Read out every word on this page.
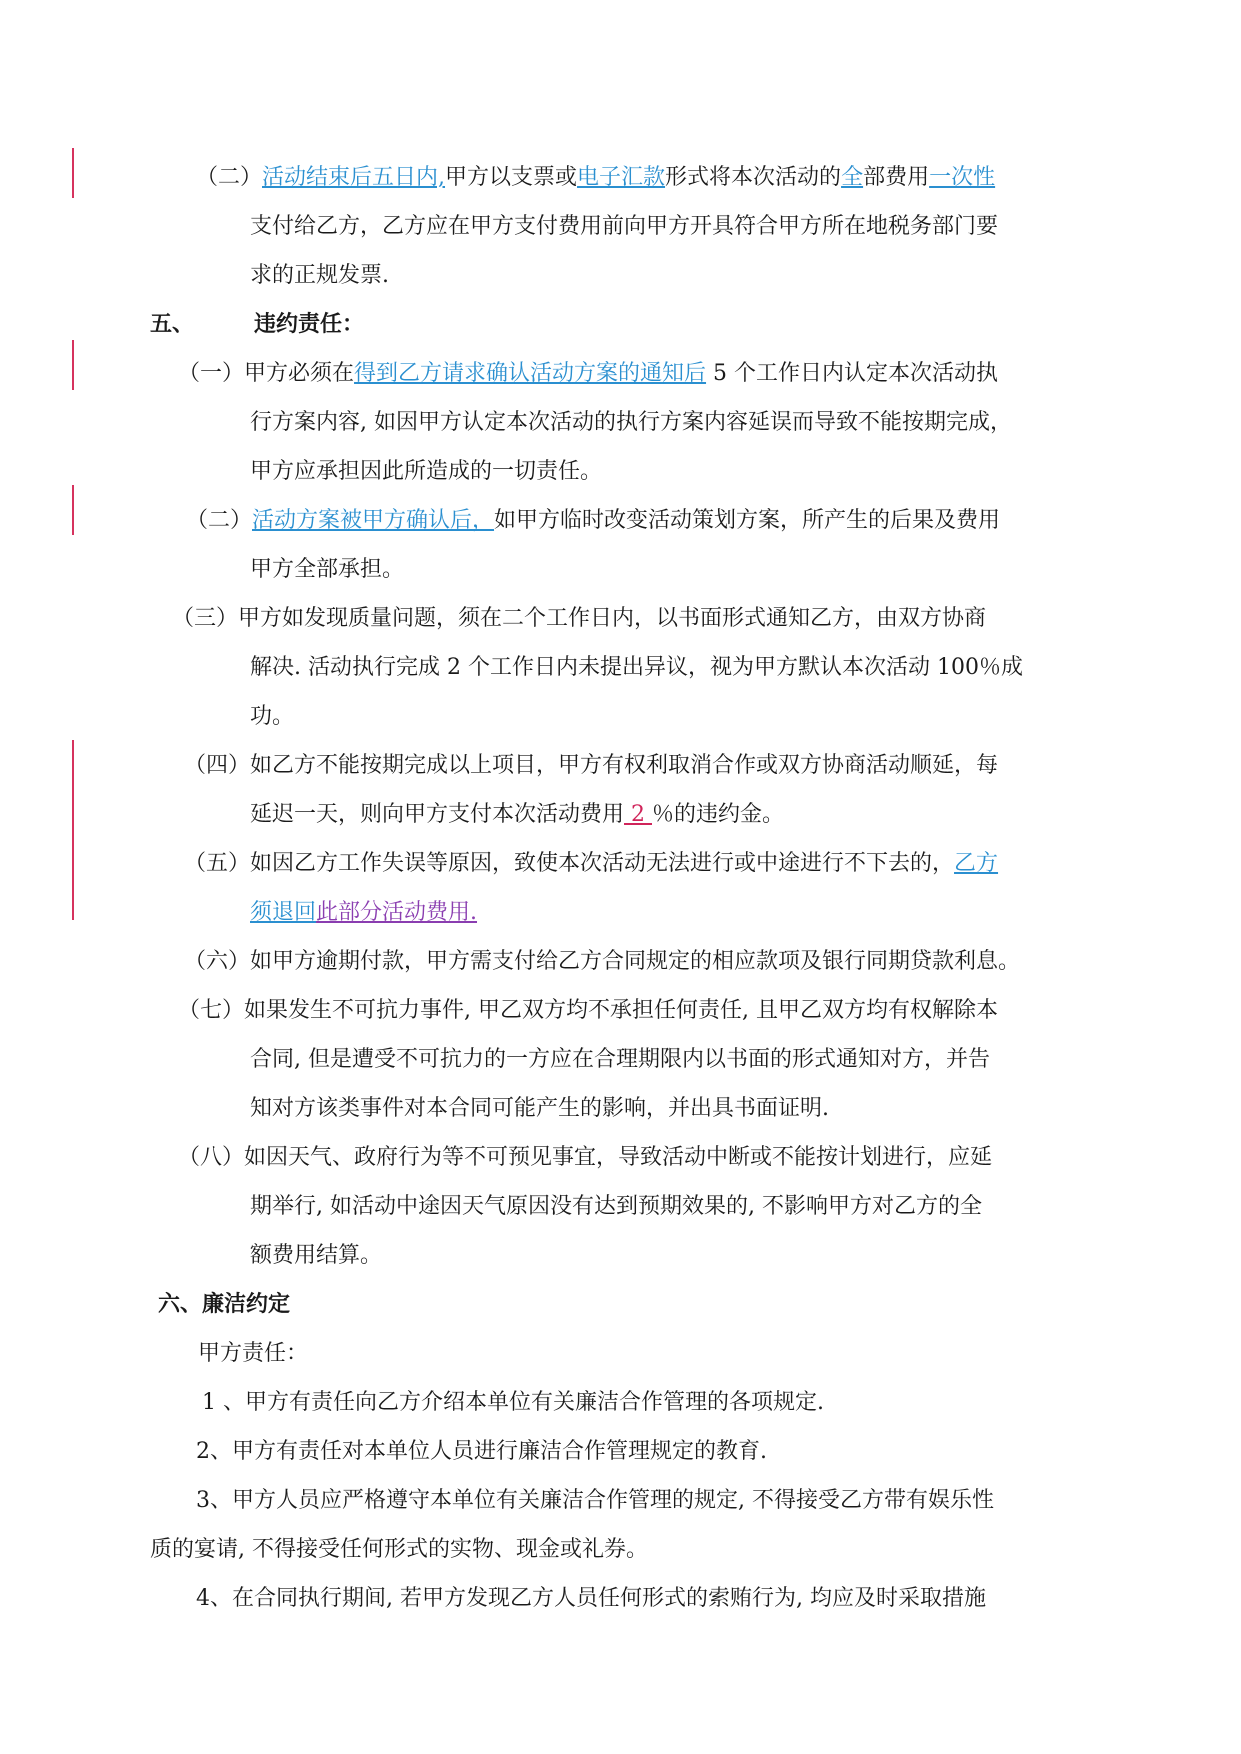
（二）活动结束后五日内,甲方以支票或电子汇款形式将本次活动的全部费用一次性
支付给乙方，乙方应在甲方支付费用前向甲方开具符合甲方所在地税务部门要
求的正规发票.
五、	违约责任：
（一）甲方必须在得到乙方请求确认活动方案的通知后 5 个工作日内认定本次活动执
行方案内容, 如因甲方认定本次活动的执行方案内容延误而导致不能按期完成，
甲方应承担因此所造成的一切责任。
（二）活动方案被甲方确认后，如甲方临时改变活动策划方案，所产生的后果及费用
甲方全部承担。
（三）甲方如发现质量问题，须在二个工作日内，以书面形式通知乙方，由双方协商
解决. 活动执行完成 2 个工作日内未提出异议，视为甲方默认本次活动 100％成
功。
（四）如乙方不能按期完成以上项目，甲方有权利取消合作或双方协商活动顺延，每
延迟一天，则向甲方支付本次活动费用 2 ％的违约金。
（五）如因乙方工作失误等原因，致使本次活动无法进行或中途进行不下去的，乙方
须退回此部分活动费用.
（六）如甲方逾期付款，甲方需支付给乙方合同规定的相应款项及银行同期贷款利息。
（七）如果发生不可抗力事件, 甲乙双方均不承担任何责任, 且甲乙双方均有权解除本
合同, 但是遭受不可抗力的一方应在合理期限内以书面的形式通知对方，并告
知对方该类事件对本合同可能产生的影响，并出具书面证明.
（八）如因天气、政府行为等不可预见事宜，导致活动中断或不能按计划进行，应延
期举行, 如活动中途因天气原因没有达到预期效果的, 不影响甲方对乙方的全
额费用结算。
六、廉洁约定
甲方责任：
1 、甲方有责任向乙方介绍本单位有关廉洁合作管理的各项规定.
2、甲方有责任对本单位人员进行廉洁合作管理规定的教育.
3、甲方人员应严格遵守本单位有关廉洁合作管理的规定, 不得接受乙方带有娱乐性
质的宴请, 不得接受任何形式的实物、现金或礼券。
4、在合同执行期间, 若甲方发现乙方人员任何形式的索贿行为, 均应及时采取措施
